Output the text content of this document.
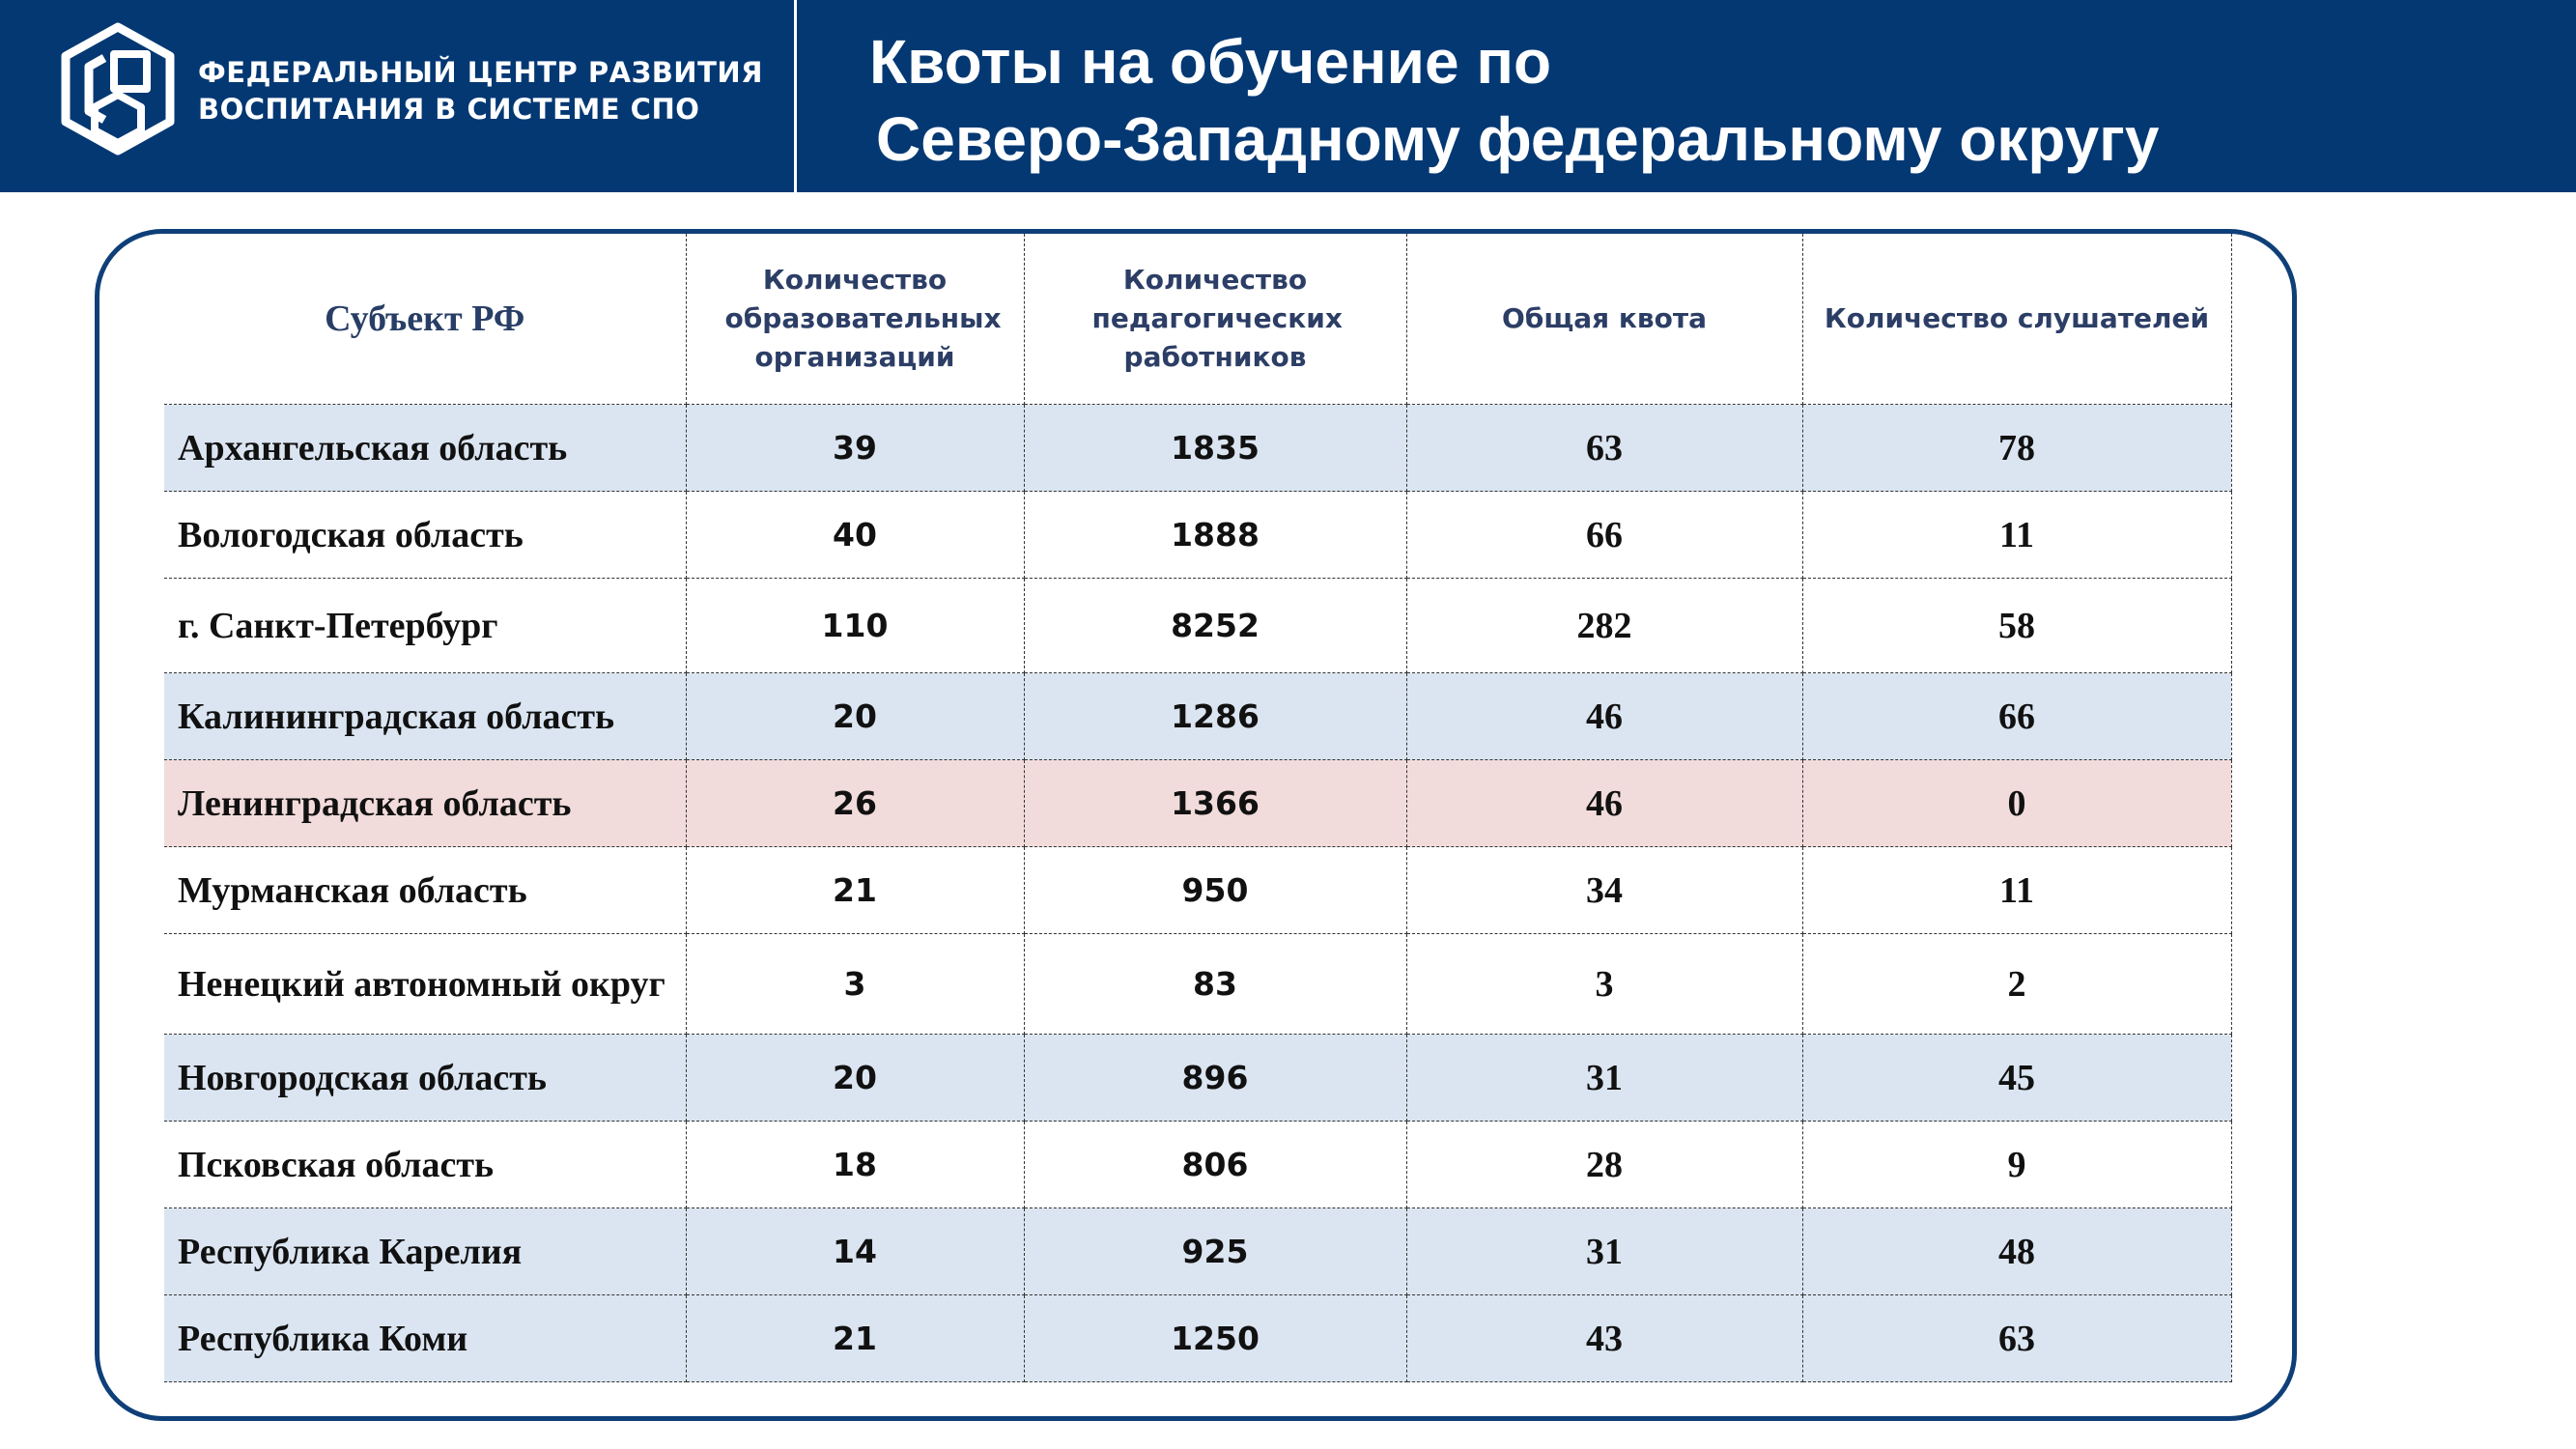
ФЕДЕРАЛЬНЫЙ ЦЕНТР РАЗВИТИЯ
ВОСПИТАНИЯ В СИСТЕМЕ СПО
Квоты на обучение по
Северо-Западному федеральному округу
Субъект РФ	Количество образовательных организаций	Количество педагогических работников	Общая квота	Количество слушателей
Архангельская область	39	1835	63	78
Вологодская область	40	1888	66	11
г. Санкт-Петербург	110	8252	282	58
Калининградская область	20	1286	46	66
Ленинградская область	26	1366	46	0
Мурманская область	21	950	34	11
Ненецкий автономный округ	3	83	3	2
Новгородская область	20	896	31	45
Псковская область	18	806	28	9
Республика Карелия	14	925	31	48
Республика Коми	21	1250	43	63
